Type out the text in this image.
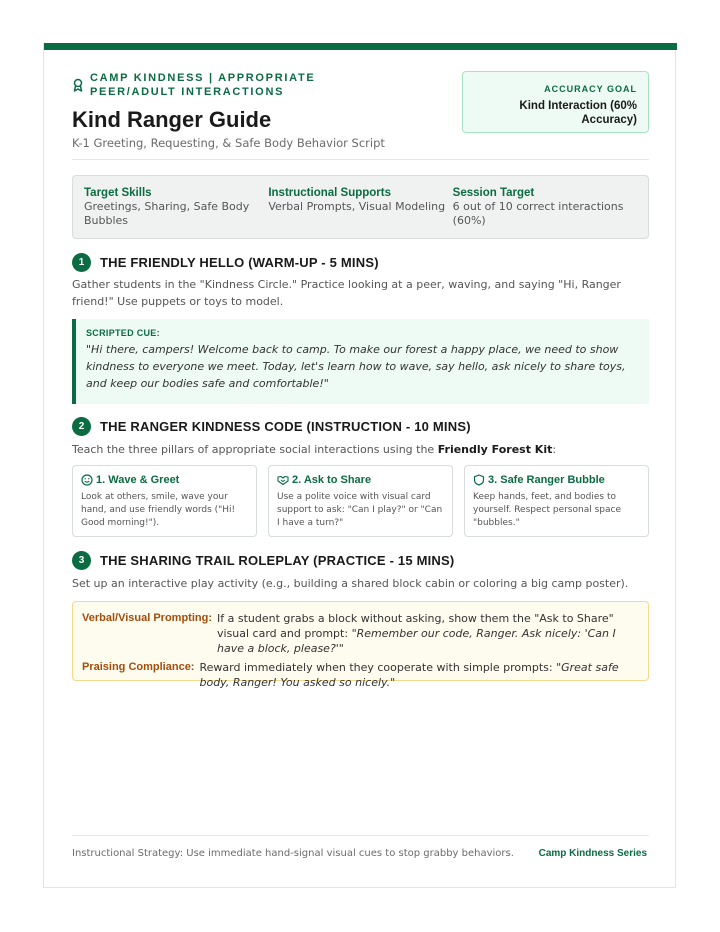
CAMP KINDNESS | APPROPRIATE PEER/ADULT INTERACTIONS
Kind Ranger Guide
K-1 Greeting, Requesting, & Safe Body Behavior Script
ACCURACY GOAL
Kind Interaction (60% Accuracy)
Target Skills
Greetings, Sharing, Safe Body Bubbles
Instructional Supports
Verbal Prompts, Visual Modeling
Session Target
6 out of 10 correct interactions (60%)
1	THE FRIENDLY HELLO (WARM-UP - 5 MINS)
Gather students in the "Kindness Circle." Practice looking at a peer, waving, and saying "Hi, Ranger friend!" Use puppets or toys to model.
SCRIPTED CUE:
"Hi there, campers! Welcome back to camp. To make our forest a happy place, we need to show kindness to everyone we meet. Today, let's learn how to wave, say hello, ask nicely to share toys, and keep our bodies safe and comfortable!"
2	THE RANGER KINDNESS CODE (INSTRUCTION - 10 MINS)
Teach the three pillars of appropriate social interactions using the Friendly Forest Kit:
1. Wave & Greet
Look at others, smile, wave your hand, and use friendly words ("Hi! Good morning!").
2. Ask to Share
Use a polite voice with visual card support to ask: "Can I play?" or "Can I have a turn?"
3. Safe Ranger Bubble
Keep hands, feet, and bodies to yourself. Respect personal space "bubbles."
3	THE SHARING TRAIL ROLEPLAY (PRACTICE - 15 MINS)
Set up an interactive play activity (e.g., building a shared block cabin or coloring a big camp poster).
Verbal/Visual Prompting: If a student grabs a block without asking, show them the "Ask to Share" visual card and prompt: "Remember our code, Ranger. Ask nicely: 'Can I have a block, please?'"
Praising Compliance: Reward immediately when they cooperate with simple prompts: "Great safe body, Ranger! You asked so nicely."
Instructional Strategy: Use immediate hand-signal visual cues to stop grabby behaviors. Camp Kindness Series
